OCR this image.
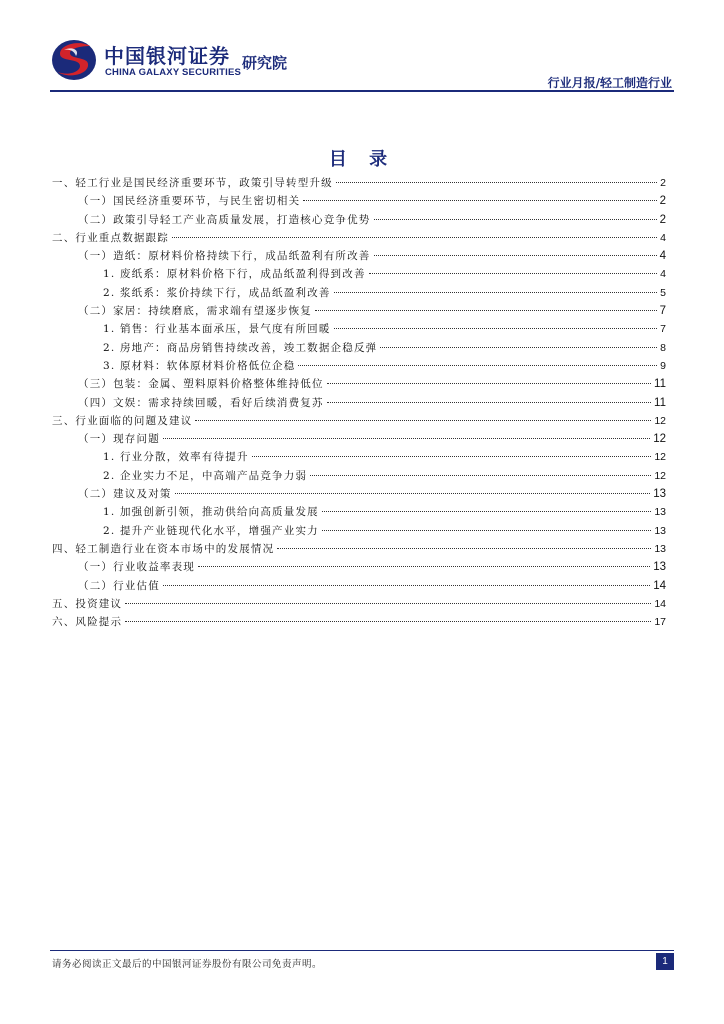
中国银河证券
CHINA GALAXY SECURITIES
研究院
行业月报/轻工制造行业
目 录
一、轻工行业是国民经济重要环节，政策引导转型升级	2
（一）国民经济重要环节，与民生密切相关	2
（二）政策引导轻工产业高质量发展，打造核心竞争优势	2
二、行业重点数据跟踪	4
（一）造纸：原材料价格持续下行，成品纸盈利有所改善	4
1. 废纸系：原材料价格下行，成品纸盈利得到改善	4
2. 浆纸系：浆价持续下行，成品纸盈利改善	5
（二）家居：持续磨底，需求端有望逐步恢复	7
1. 销售：行业基本面承压，景气度有所回暖	7
2. 房地产：商品房销售持续改善，竣工数据企稳反弹	8
3. 原材料：软体原材料价格低位企稳	9
（三）包装：金属、塑料原料价格整体维持低位	11
（四）文娱：需求持续回暖，看好后续消费复苏	11
三、行业面临的问题及建议	12
（一）现存问题	12
1. 行业分散，效率有待提升	12
2. 企业实力不足，中高端产品竞争力弱	12
（二）建议及对策	13
1. 加强创新引领，推动供给向高质量发展	13
2. 提升产业链现代化水平，增强产业实力	13
四、轻工制造行业在资本市场中的发展情况	13
（一）行业收益率表现	13
（二）行业估值	14
五、投资建议	14
六、风险提示	17
请务必阅读正文最后的中国银河证券股份有限公司免责声明。	1
